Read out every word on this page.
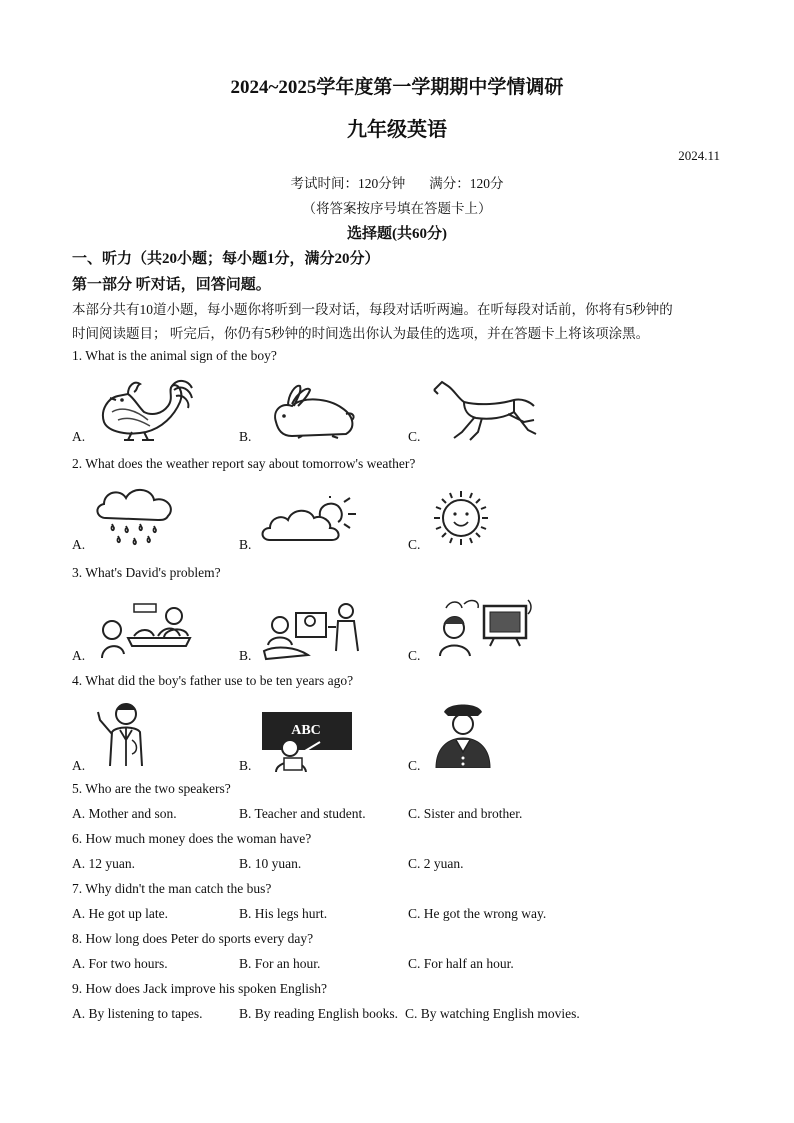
2024~2025学年度第一学期期中学情调研
九年级英语
2024.11
考试时间：120分钟 满分：120分
（将答案按序号填在答题卡上）
选择题(共60分)
一、听力（共20小题；每小题1分，满分20分）
第一部分 听对话，回答问题。
本部分共有10道小题，每小题你将听到一段对话，每段对话听两遍。在听每段对话前，你将有5秒钟的
时间阅读题目； 听完后，你仍有5秒钟的时间选出你认为最佳的选项，并在答题卡上将该项涂黑。
1. What is the animal sign of the boy?
A.	B.	C.
2. What does the weather report say about tomorrow's weather?
A.	B.	C.
3. What's David's problem?
A.	B.	C.
4. What did the boy's father use to be ten years ago?
ABC
A.	B.	C.
5. Who are the two speakers?
A. Mother and son.	B. Teacher and student.	C. Sister and brother.
6. How much money does the woman have?
A. 12 yuan.	B. 10 yuan.	C. 2 yuan.
7. Why didn't the man catch the bus?
A. He got up late.	B. His legs hurt.	C. He got the wrong way.
8. How long does Peter do sports every day?
A. For two hours.	B. For an hour.	C. For half an hour.
9. How does Jack improve his spoken English?
A. By listening to tapes.	B. By reading English books. C. By watching English movies.
